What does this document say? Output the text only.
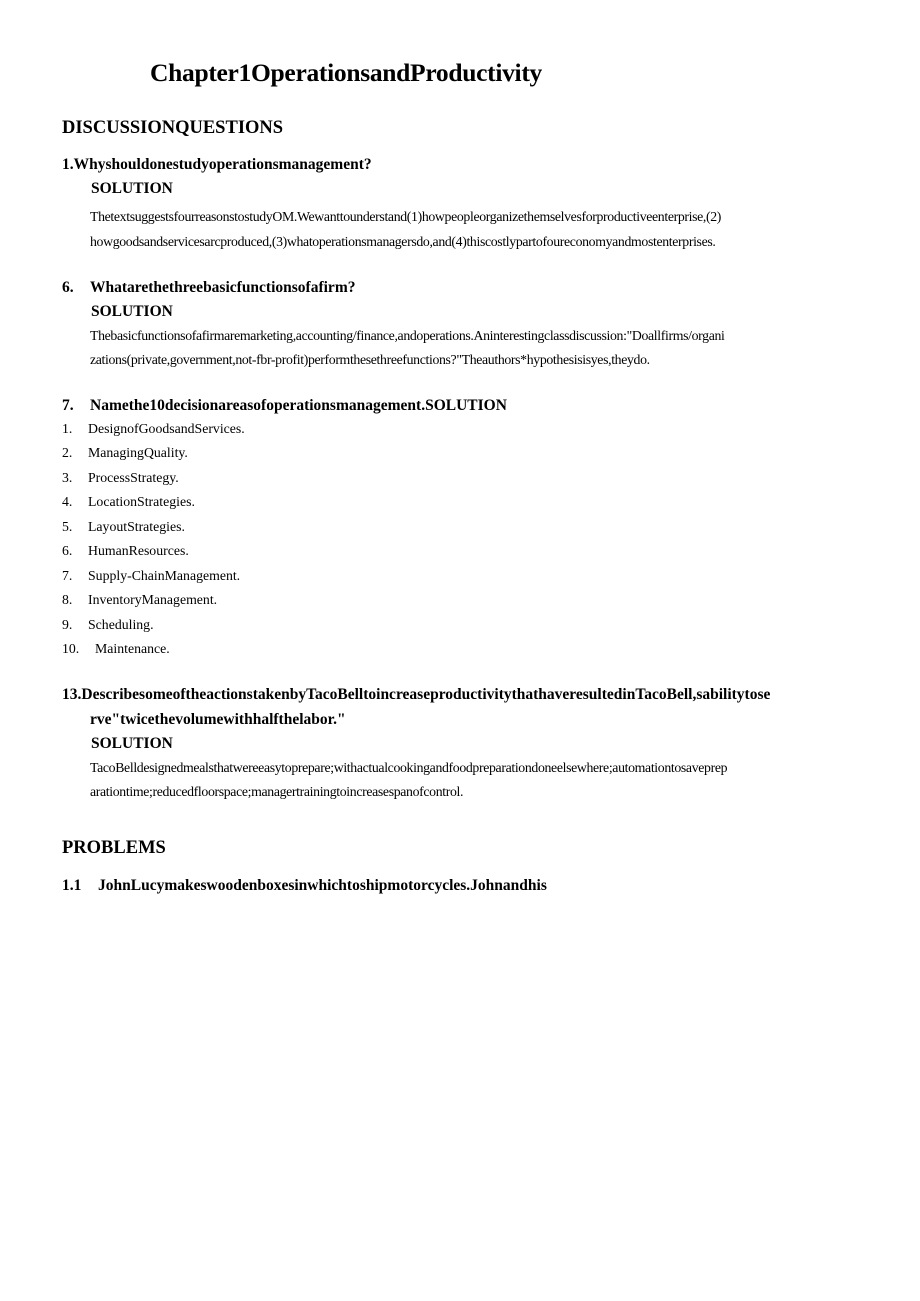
Chapter1OperationsandProductivity
DISCUSSIONQUESTIONS
1.Whyshouldonestudyoperationsmanagement?
SOLUTION
ThetextsuggestsfourreasonstostudyOM.Wewanttounderstand(1)howpeopleorganizethemselvesforproductiveenterprise,(2)
howgoodsandservicesarcproduced,(3)whatoperationsmanagersdo,and(4)thiscostlypartofoureconomyandmostenterprises.
6. Whatarethethreebasicfunctionsofafirm?
SOLUTION
Thebasicfunctionsofafirmaremarketing,accounting/finance,andoperations.Aninterestingclassdiscussion:"Doallfirms/organi
zations(private,government,not-fbr-profit)performthesethreefunctions?"Theauthors*hypothesisisyes,theydo.
7. Namethe10decisionareasofoperationsmanagement.SOLUTION
1. DesignofGoodsandServices.
2. ManagingQuality.
3. ProcessStrategy.
4. LocationStrategies.
5. LayoutStrategies.
6. HumanResources.
7. Supply-ChainManagement.
8. InventoryManagement.
9. Scheduling.
10. Maintenance.
13.DescribesomeoftheactionstakenbyTacoBelltoincreaseproductivitythathaveresultedinTacoBell,sabilitytose
rve"twicethevolumewithhalfthelabor."
SOLUTION
TacoBelldesignedmealsthatwereeasytoprepare;withactualcookingandfoodpreparationdoneelsewhere;automationtosaveprep
arationtime;reducedfloorspace;managertrainingtoincreasespanofcontrol.
PROBLEMS
1.1 JohnLucymakeswoodenboxesinwhichtoshipmotorcycles.Johnandhis
